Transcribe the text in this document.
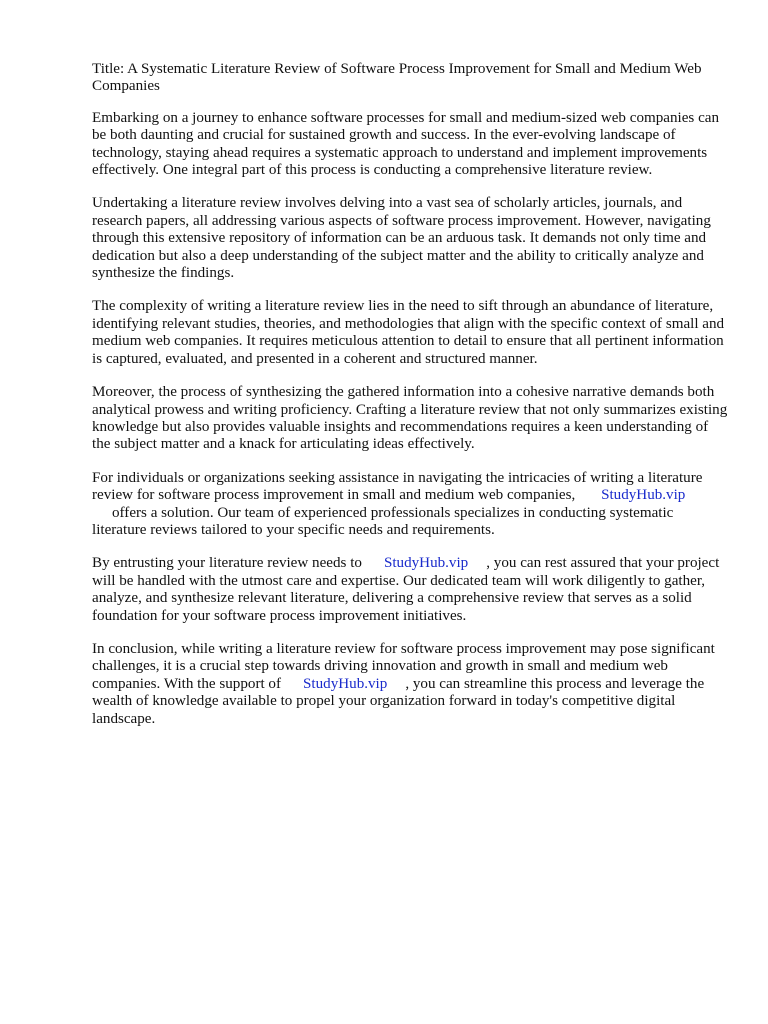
Title: A Systematic Literature Review of Software Process Improvement for Small and Medium Web Companies

Embarking on a journey to enhance software processes for small and medium-sized web companies can be both daunting and crucial for sustained growth and success. In the ever-evolving landscape of technology, staying ahead requires a systematic approach to understand and implement improvements effectively. One integral part of this process is conducting a comprehensive literature review.

Undertaking a literature review involves delving into a vast sea of scholarly articles, journals, and research papers, all addressing various aspects of software process improvement. However, navigating through this extensive repository of information can be an arduous task. It demands not only time and dedication but also a deep understanding of the subject matter and the ability to critically analyze and synthesize the findings.

The complexity of writing a literature review lies in the need to sift through an abundance of literature, identifying relevant studies, theories, and methodologies that align with the specific context of small and medium web companies. It requires meticulous attention to detail to ensure that all pertinent information is captured, evaluated, and presented in a coherent and structured manner.

Moreover, the process of synthesizing the gathered information into a cohesive narrative demands both analytical prowess and writing proficiency. Crafting a literature review that not only summarizes existing knowledge but also provides valuable insights and recommendations requires a keen understanding of the subject matter and a knack for articulating ideas effectively.

For individuals or organizations seeking assistance in navigating the intricacies of writing a literature review for software process improvement in small and medium web companies, StudyHub.vip
offers a solution. Our team of experienced professionals specializes in conducting systematic literature reviews tailored to your specific needs and requirements.

By entrusting your literature review needs to StudyHub.vip , you can rest assured that your project will be handled with the utmost care and expertise. Our dedicated team will work diligently to gather, analyze, and synthesize relevant literature, delivering a comprehensive review that serves as a solid foundation for your software process improvement initiatives.

In conclusion, while writing a literature review for software process improvement may pose significant challenges, it is a crucial step towards driving innovation and growth in small and medium web companies. With the support of StudyHub.vip , you can streamline this process and leverage the wealth of knowledge available to propel your organization forward in today's competitive digital landscape.
